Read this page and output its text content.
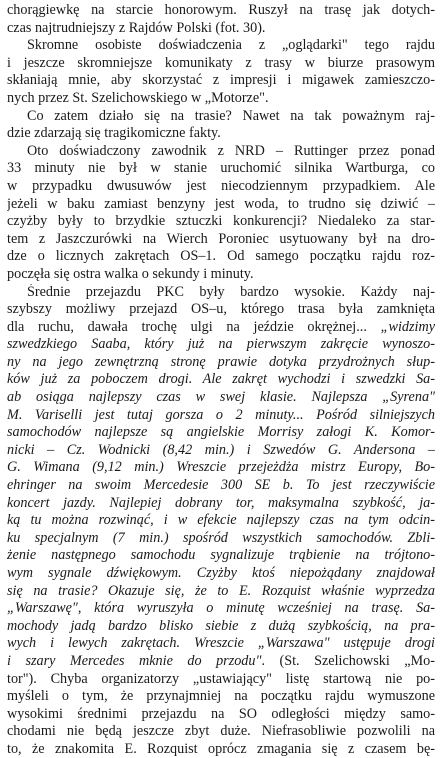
chorągiewkę na starcie honorowym. Ruszył na trasę jak dotych-
czas najtrudniejszy z Rajdów Polski (fot. 30).
Skromne osobiste doświadczenia z „oglądarki" tego rajdu
i jeszcze skromniejsze komunikaty z trasy w biurze prasowym
skłaniają mnie, aby skorzystać z impresji i migawek zamieszczo-
nych przez St. Szelichowskiego w „Motorze".
Co zatem działo się na trasie? Nawet na tak poważnym raj-
dzie zdarzają się tragikomiczne fakty.
Oto doświadczony zawodnik z NRD – Ruttinger przez ponad
33 minuty nie był w stanie uruchomić silnika Wartburga, co
w przypadku dwusuwów jest niecodziennym przypadkiem. Ale
jeżeli w baku zamiast benzyny jest woda, to trudno się dziwić –
czyżby były to brzydkie sztuczki konkurencji? Niedaleko za star-
tem z Jaszczurówki na Wierch Poroniec usytuowany był na dro-
dze o licznych zakrętach OS–1. Od samego początku rajdu roz-
poczęła się ostra walka o sekundy i minuty.
Średnie przejazdu PKC były bardzo wysokie. Każdy naj-
szybszy możliwy przejazd OS–u, którego trasa była zamknięta
dla ruchu, dawała trochę ulgi na jeździe okrężnej... „widzimy
szwedzkiego Saaba, który już na pierwszym zakręcie wynoszo-
ny na jego zewnętrzną stronę prawie dotyka przydrożnych słup-
ków już za poboczem drogi. Ale zakręt wychodzi i szwedzki Sa-
ab osiąga najlepszy czas w swej klasie. Najlepsza „Syrena"
M. Variselli jest tutaj gorsza o 2 minuty... Pośród silniejszych
samochodów najlepsze są angielskie Morrisy załogi K. Komor-
nicki – Cz. Wodnicki (8,42 min.) i Szwedów G. Andersona –
G. Wimana (9,12 min.) Wreszcie przejeżdża mistrz Europy, Bo-
ehringer na swoim Mercedesie 300 SE b. To jest rzeczywiście
koncert jazdy. Najlepiej dobrany tor, maksymalna szybkość, ja-
ką tu można rozwinąć, i w efekcie najlepszy czas na tym odcin-
ku specjalnym (7 min.) spośród wszystkich samochodów. Zbli-
żenie następnego samochodu sygnalizuje trąbienie na trójtono-
wym sygnale dźwiękowym. Czyżby ktoś niepożądany znajdował
się na trasie? Okazuje się, że to E. Rozquist właśnie wyprzedza
„Warszawę", która wyruszyła o minutę wcześniej na trasę. Sa-
mochody jadą bardzo blisko siebie z dużą szybkością, na pra-
wych i lewych zakrętach. Wreszcie „Warszawa" ustępuje drogi
i szary Mercedes mknie do przodu". (St. Szelichowski „Mo-
tor"). Chyba organizatorzy „ustawiający" listę startową nie po-
myśleli o tym, że przynajmniej na początku rajdu wymuszone
wysokimi średnimi przejazdu na SO odległości między samo-
chodami nie będą jeszcze zbyt duże. Niefrasobliwie pozwolili na
to, że znakomita E. Rozquist oprócz zmagania się z czasem bę-
